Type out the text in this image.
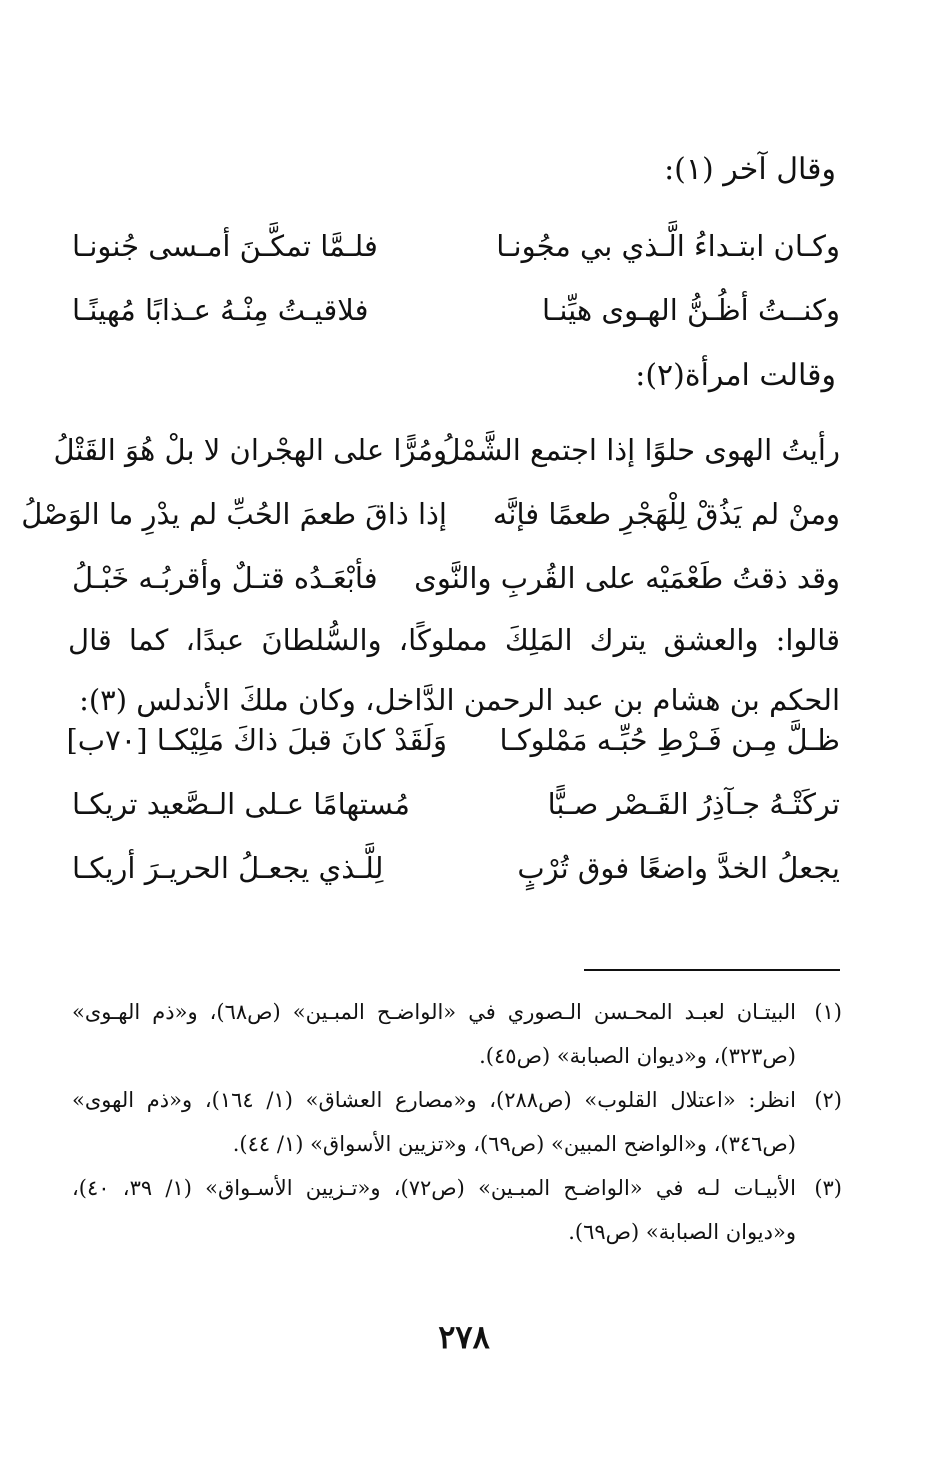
وقال آخر (١):
وكـان ابتـداءُ الَّـذي بي مجُونـا
فلـمَّا تمكَّـنَ أمـسى جُنونـا
وكنــتُ أظُـنُّ الهـوى هيِّنـا
فلاقيـتُ مِنْـهُ عـذابًا مُهينًـا
وقالت امرأة(٢):
رأيتُ الهوى حلوًا إذا اجتمع الشَّمْلُ
ومُرًّا على الهجْران لا بلْ هُوَ القَتْلُ
ومنْ لم يَذُقْ لِلْهَجْرِ طعمًا فإنَّه
إذا ذاقَ طعمَ الحُبِّ لم يدْرِ ما الوَصْلُ
وقد ذقتُ طَعْمَيْه على القُربِ والنَّوى
فأبْعَـدُه قتـلٌ وأقربُـه خَبْـلُ
قالوا: والعشق يترك المَلِكَ مملوكًا، والسُّلطانَ عبدًا، كما قال الحكم بن هشام بن عبد الرحمن الدَّاخل، وكان ملكَ الأندلس (٣):
ظـلَّ مِـن فَـرْطِ حُبِّـه مَمْلوكـا
وَلَقَدْ كانَ قبلَ ذاكَ مَلِيْكـا [٧٠ب]
تركَتْـهُ جـآذِرُ القَـصْر صـبًّا
مُستهامًا عـلى الـصَّعيد تريكـا
يجعلُ الخدَّ واضعًا فوق تُرْبٍ
لِلَّـذي يجعـلُ الحريـرَ أريكـا
(١)
البيتـان لعبـد المحـسن الـصوري في «الواضـح المبـين» (ص٦٨)، و«ذم الهـوى» (ص٣٢٣)، و«ديوان الصبابة» (ص٤٥).
(٢)
انظر: «اعتلال القلوب» (ص٢٨٨)، و«مصارع العشاق» (١/ ١٦٤)، و«ذم الهوى» (ص٣٤٦)، و«الواضح المبين» (ص٦٩)، و«تزيين الأسواق» (١/ ٤٤).
(٣)
الأبيـات لـه في «الواضـح المبـين» (ص٧٢)، و«تـزيين الأسـواق» (١/ ٣٩، ٤٠)، و«ديوان الصبابة» (ص٦٩).
٢٧٨
